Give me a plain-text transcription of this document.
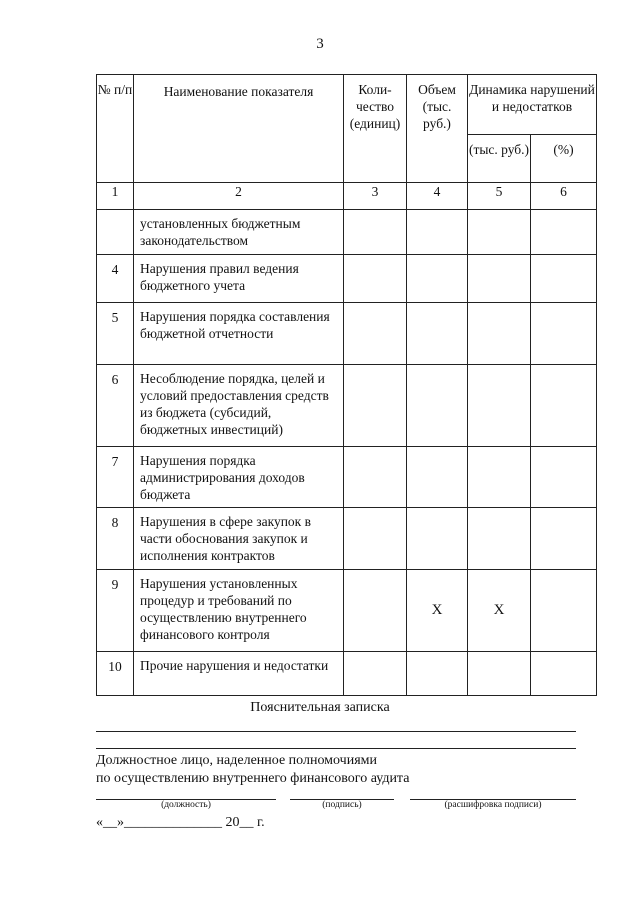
3
№ п/п	Наименование показателя	Коли-чество (единиц)	Объем (тыс. руб.)	Динамика нарушений и недостатков	
				(тыс. руб.)	(%)
1	2	3	4	5	6
	установленных бюджетным законодательством				
4	Нарушения правил ведения бюджетного учета				
5	Нарушения порядка составления бюджетной отчетности				
6	Несоблюдение порядка, целей и условий предоставления средств из бюджета (субсидий, бюджетных инвестиций)				
7	Нарушения порядка администрирования доходов бюджета				
8	Нарушения в сфере закупок в части обоснования закупок и исполнения контрактов				
9	Нарушения установленных процедур и требований по осуществлению внутреннего финансового контроля		X	X	
10	Прочие нарушения и недостатки				
Пояснительная записка
Должностное лицо, наделенное полномочиями
по осуществлению внутреннего финансового аудита
(должность)	(подпись)	(расшифровка подписи)
«__»______________ 20__ г.
